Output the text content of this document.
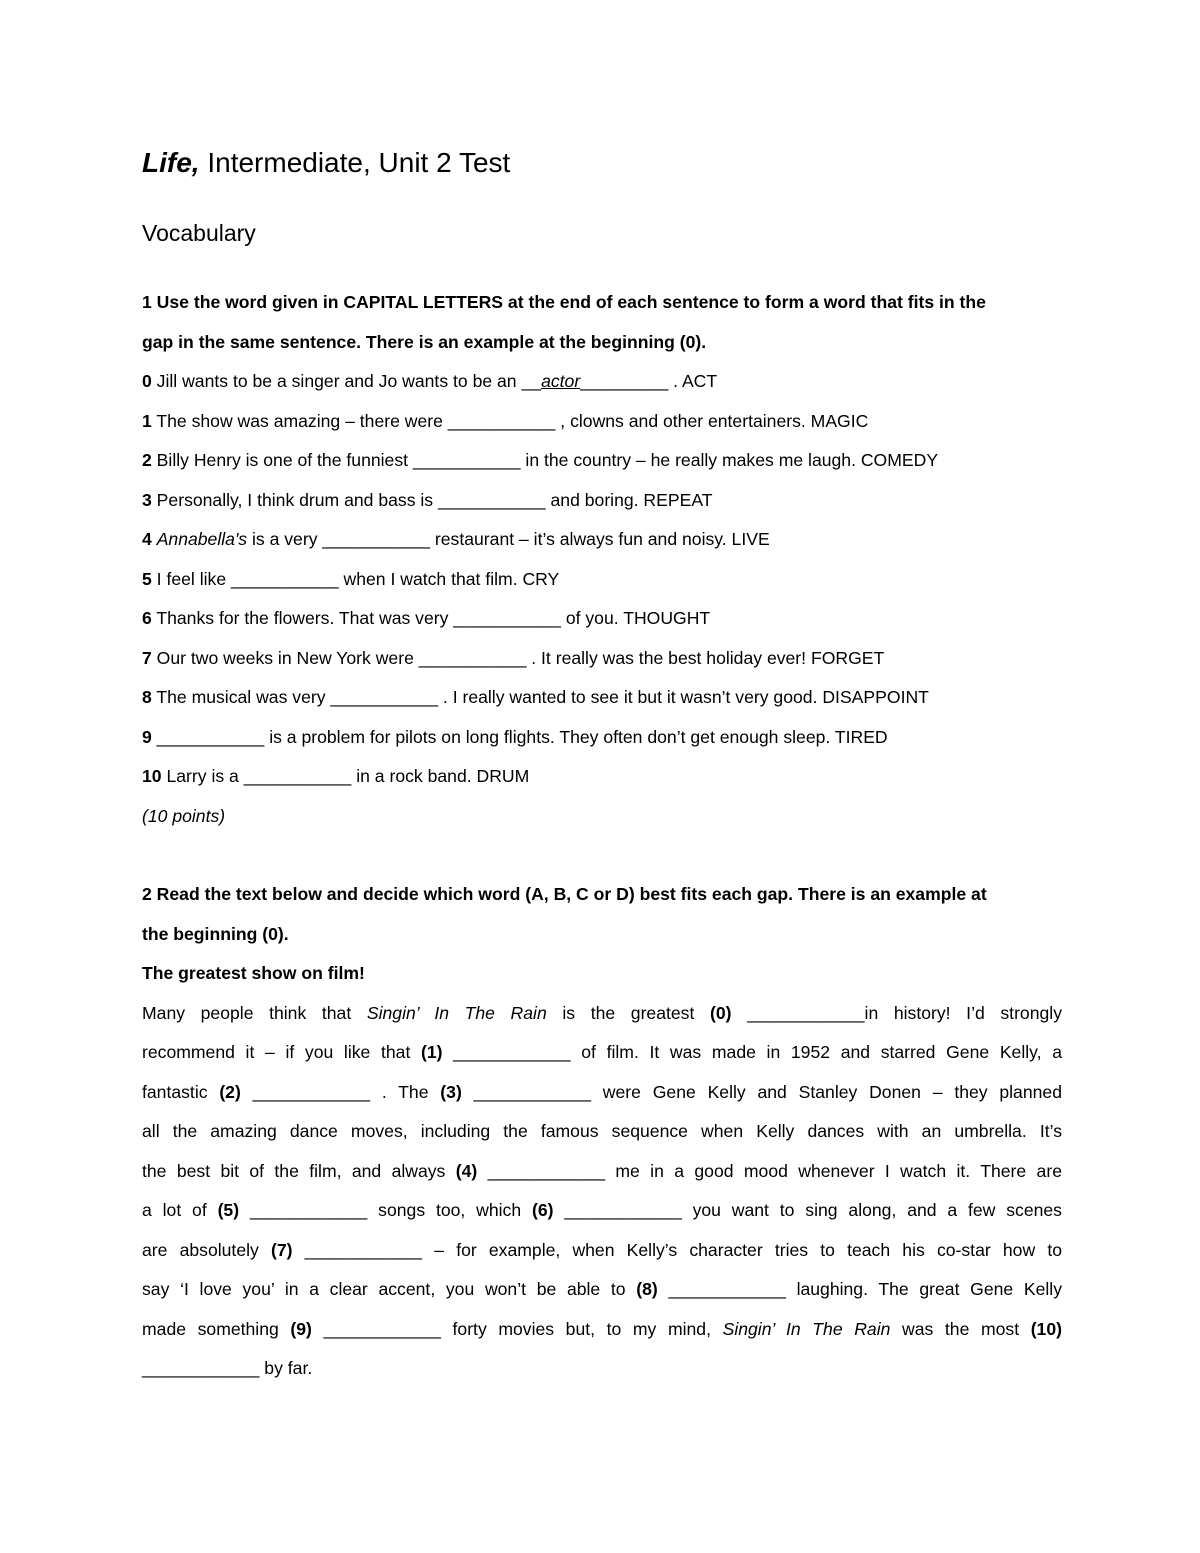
Life, Intermediate, Unit 2 Test
Vocabulary
1 Use the word given in CAPITAL LETTERS at the end of each sentence to form a word that fits in the
gap in the same sentence. There is an example at the beginning (0).
0 Jill wants to be a singer and Jo wants to be an __actor_________ . ACT
1 The show was amazing – there were ___________ , clowns and other entertainers. MAGIC
2 Billy Henry is one of the funniest ___________ in the country – he really makes me laugh. COMEDY
3 Personally, I think drum and bass is ___________ and boring. REPEAT
4 Annabella's is a very ___________ restaurant – it’s always fun and noisy. LIVE
5 I feel like ___________ when I watch that film. CRY
6 Thanks for the flowers. That was very ___________ of you. THOUGHT
7 Our two weeks in New York were ___________ . It really was the best holiday ever! FORGET
8 The musical was very ___________ . I really wanted to see it but it wasn’t very good. DISAPPOINT
9 ___________ is a problem for pilots on long flights. They often don’t get enough sleep. TIRED
10 Larry is a ___________ in a rock band. DRUM
(10 points)
2 Read the text below and decide which word (A, B, C or D) best fits each gap. There is an example at
the beginning (0).
The greatest show on film!
Many people think that Singin’ In The Rain is the greatest (0) ____________in history! I’d strongly
recommend it – if you like that (1) ____________ of film. It was made in 1952 and starred Gene Kelly, a
fantastic (2) ____________ . The (3) ____________ were Gene Kelly and Stanley Donen – they planned
all the amazing dance moves, including the famous sequence when Kelly dances with an umbrella. It’s
the best bit of the film, and always (4) ____________ me in a good mood whenever I watch it. There are
a lot of (5) ____________ songs too, which (6) ____________ you want to sing along, and a few scenes
are absolutely (7) ____________ – for example, when Kelly’s character tries to teach his co-star how to
say ‘I love you’ in a clear accent, you won’t be able to (8) ____________ laughing. The great Gene Kelly
made something (9) ____________ forty movies but, to my mind, Singin’ In The Rain was the most (10)
____________ by far.
